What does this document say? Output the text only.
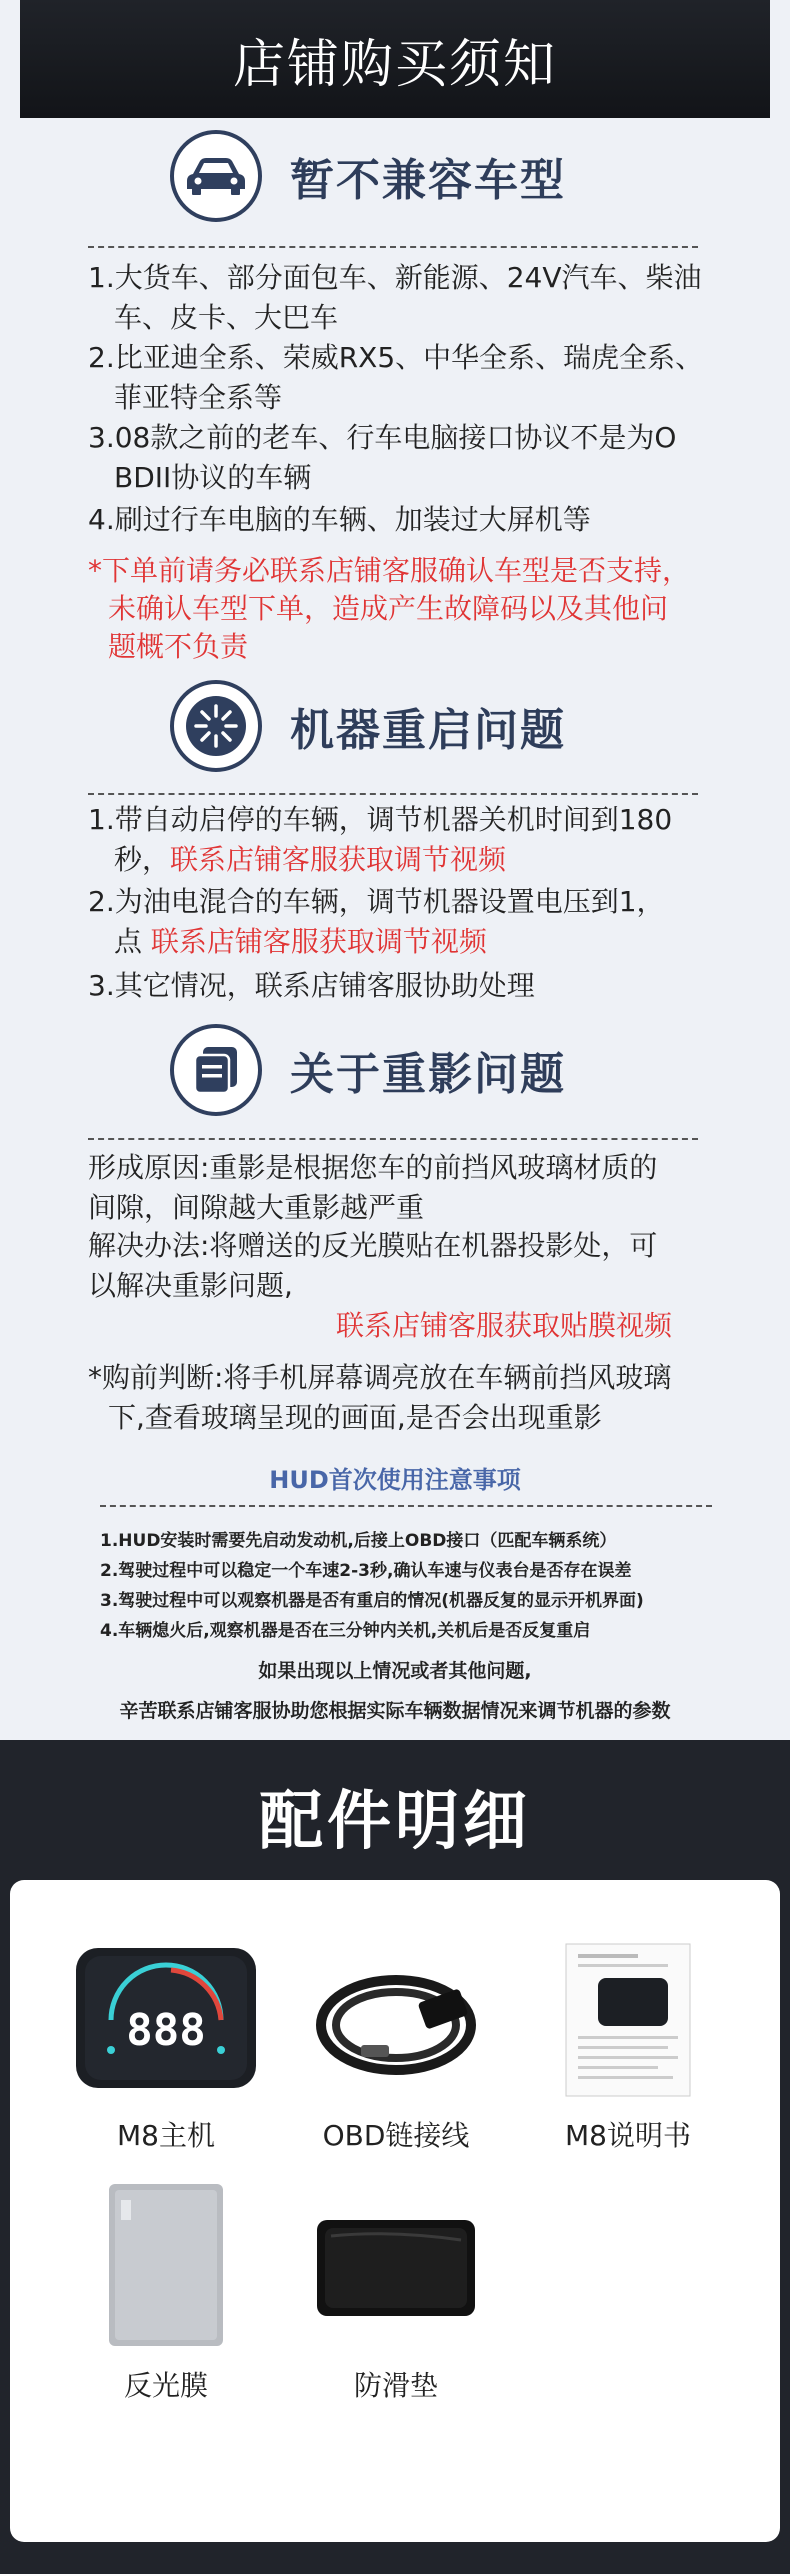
店铺购买须知
暂不兼容车型
1.大货车、部分面包车、新能源、24V汽车、柴油
车、皮卡、大巴车
2.比亚迪全系、荣威RX5、中华全系、瑞虎全系、
菲亚特全系等
3.08款之前的老车、行车电脑接口协议不是为O
BDII协议的车辆
4.刷过行车电脑的车辆、加装过大屏机等
*下单前请务必联系店铺客服确认车型是否支持，
未确认车型下单，造成产生故障码以及其他问
题概不负责
机器重启问题
1.带自动启停的车辆，调节机器关机时间到180
秒，联系店铺客服获取调节视频
2.为油电混合的车辆，调节机器设置电压到1，
点 联系店铺客服获取调节视频
3.其它情况，联系店铺客服协助处理
关于重影问题
形成原因:重影是根据您车的前挡风玻璃材质的
间隙，间隙越大重影越严重
解决办法:将赠送的反光膜贴在机器投影处，可
以解决重影问题,
联系店铺客服获取贴膜视频
*购前判断:将手机屏幕调亮放在车辆前挡风玻璃
下,查看玻璃呈现的画面,是否会出现重影
HUD首次使用注意事项
1.HUD安装时需要先启动发动机,后接上OBD接口（匹配车辆系统）
2.驾驶过程中可以稳定一个车速2-3秒,确认车速与仪表台是否存在误差
3.驾驶过程中可以观察机器是否有重启的情况(机器反复的显示开机界面)
4.车辆熄火后,观察机器是否在三分钟内关机,关机后是否反复重启
如果出现以上情况或者其他问题,
辛苦联系店铺客服协助您根据实际车辆数据情况来调节机器的参数
配件明细
888
M8主机	OBD链接线	M8说明书
反光膜	防滑垫
